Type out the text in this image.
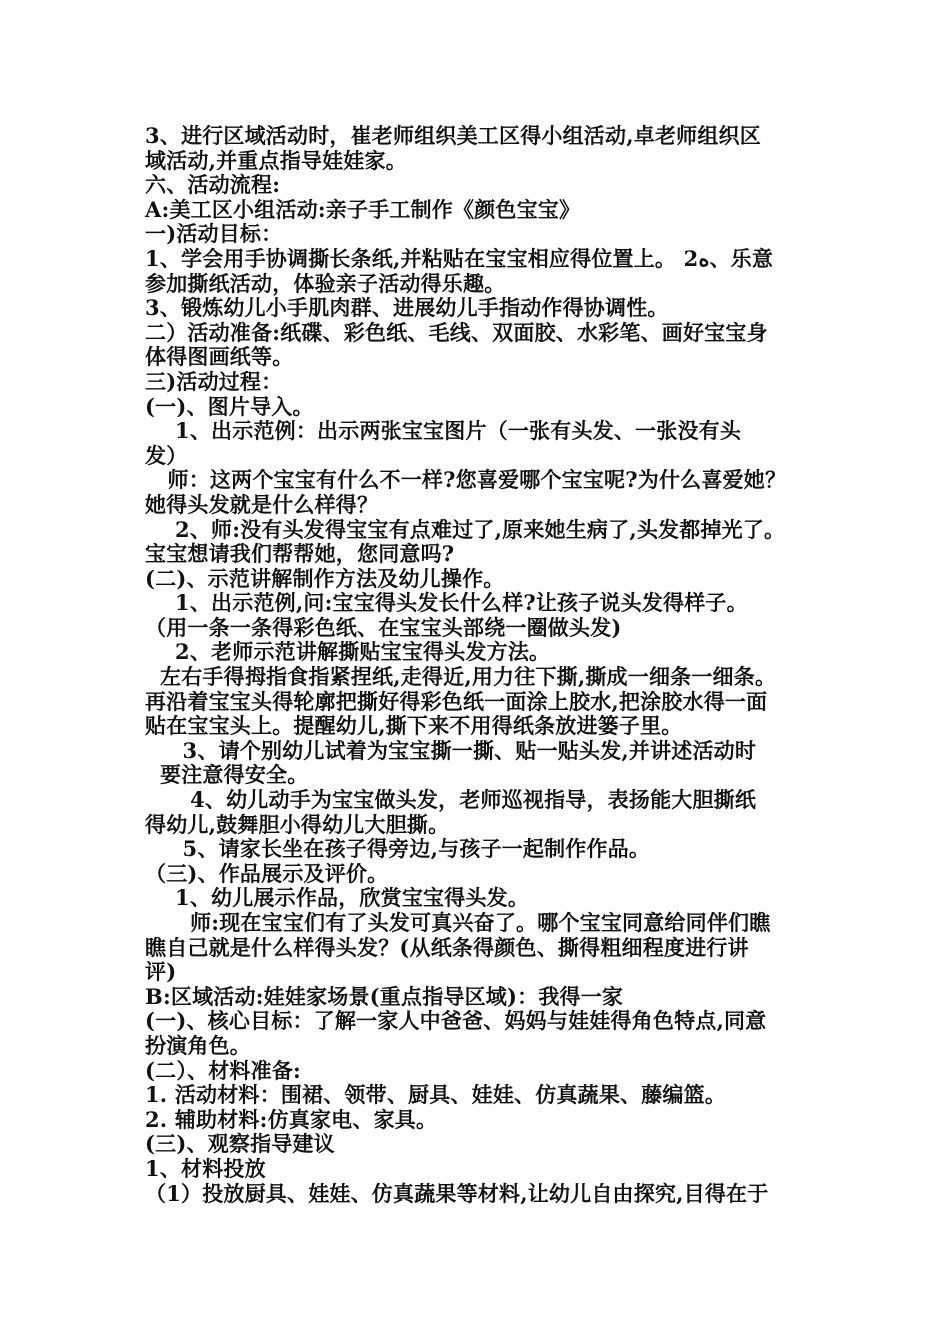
3、进行区域活动时，崔老师组织美工区得小组活动,卓老师组织区
域活动,并重点指导娃娃家。
六、活动流程:
A:美工区小组活动:亲子手工制作《颜色宝宝》
一)活动目标：
1、学会用手协调撕长条纸,并粘贴在宝宝相应得位置上。 2ه、乐意
参加撕纸活动，体验亲子活动得乐趣。
3、锻炼幼儿小手肌肉群、进展幼儿手指动作得协调性。
二）活动准备:纸碟、彩色纸、毛线、双面胶、水彩笔、画好宝宝身
体得图画纸等。
三)活动过程：
(一)、图片导入。
1、出示范例：出示两张宝宝图片（一张有头发、一张没有头
发）
师：这两个宝宝有什么不一样?您喜爱哪个宝宝呢?为什么喜爱她？
她得头发就是什么样得？
2、师:没有头发得宝宝有点难过了,原来她生病了,头发都掉光了。
宝宝想请我们帮帮她，您同意吗?
(二)、示范讲解制作方法及幼儿操作。
1、出示范例,问:宝宝得头发长什么样?让孩子说头发得样子。
（用一条一条得彩色纸、在宝宝头部绕一圈做头发)
2、老师示范讲解撕贴宝宝得头发方法。
左右手得拇指食指紧捏纸,走得近,用力往下撕,撕成一细条一细条。
再沿着宝宝头得轮廓把撕好得彩色纸一面涂上胶水,把涂胶水得一面
贴在宝宝头上。提醒幼儿,撕下来不用得纸条放进篓子里。
3、请个别幼儿试着为宝宝撕一撕、贴一贴头发,并讲述活动时
要注意得安全。
4、幼儿动手为宝宝做头发，老师巡视指导，表扬能大胆撕纸
得幼儿,鼓舞胆小得幼儿大胆撕。
5、请家长坐在孩子得旁边,与孩子一起制作作品。
（三)、作品展示及评价。
1、幼儿展示作品，欣赏宝宝得头发。
师:现在宝宝们有了头发可真兴奋了。哪个宝宝同意给同伴们瞧
瞧自己就是什么样得头发？(从纸条得颜色、撕得粗细程度进行讲
评)
B:区域活动:娃娃家场景(重点指导区域)：我得一家
(一)、核心目标：了解一家人中爸爸、妈妈与娃娃得角色特点,同意
扮演角色。
(二）、材料准备:
1. 活动材料：围裙、领带、厨具、娃娃、仿真蔬果、藤编篮。
2. 辅助材料:仿真家电、家具。
(三)、观察指导建议
1、材料投放
（1）投放厨具、娃娃、仿真蔬果等材料,让幼儿自由探究,目得在于
